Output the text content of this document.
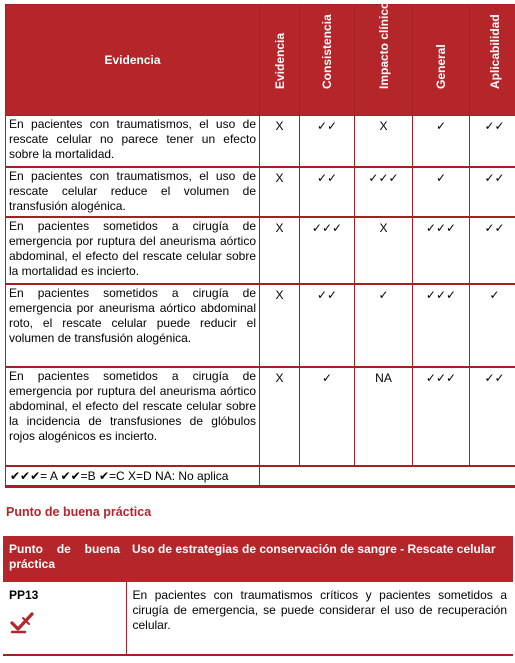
Evidencia	Evidencia	Consistencia	Impacto clínico	General	Aplicabilidad

En pacientes con traumatismos, el uso de rescate celular no parece tener un efecto sobre la mortalidad.	X	✓✓	X	✓	✓✓
En pacientes con traumatismos, el uso de rescate celular reduce el volumen de transfusión alogénica.	X	✓✓	✓✓✓	✓	✓✓
En pacientes sometidos a cirugía de emergencia por ruptura del aneurisma aórtico abdominal, el efecto del rescate celular sobre la mortalidad es incierto.	X	✓✓✓	X	✓✓✓	✓✓
En pacientes sometidos a cirugía de emergencia por aneurisma aórtico abdominal roto, el rescate celular puede reducir el volumen de transfusión alogénica.	X	✓✓	✓	✓✓✓	✓
En pacientes sometidos a cirugía de emergencia por ruptura del aneurisma aórtico abdominal, el efecto del rescate celular sobre la incidencia de transfusiones de glóbulos rojos alogénicos es incierto.	X	✓	NA	✓✓✓	✓✓
✔✔✔= A ✔✔=B ✔=C X=D NA: No aplica					
Punto de buena práctica
Punto de buena práctica	Uso de estrategias de conservación de sangre - Rescate celular
PP13	En pacientes con traumatismos críticos y pacientes sometidos a cirugía de emergencia, se puede considerar el uso de recuperación celular.
